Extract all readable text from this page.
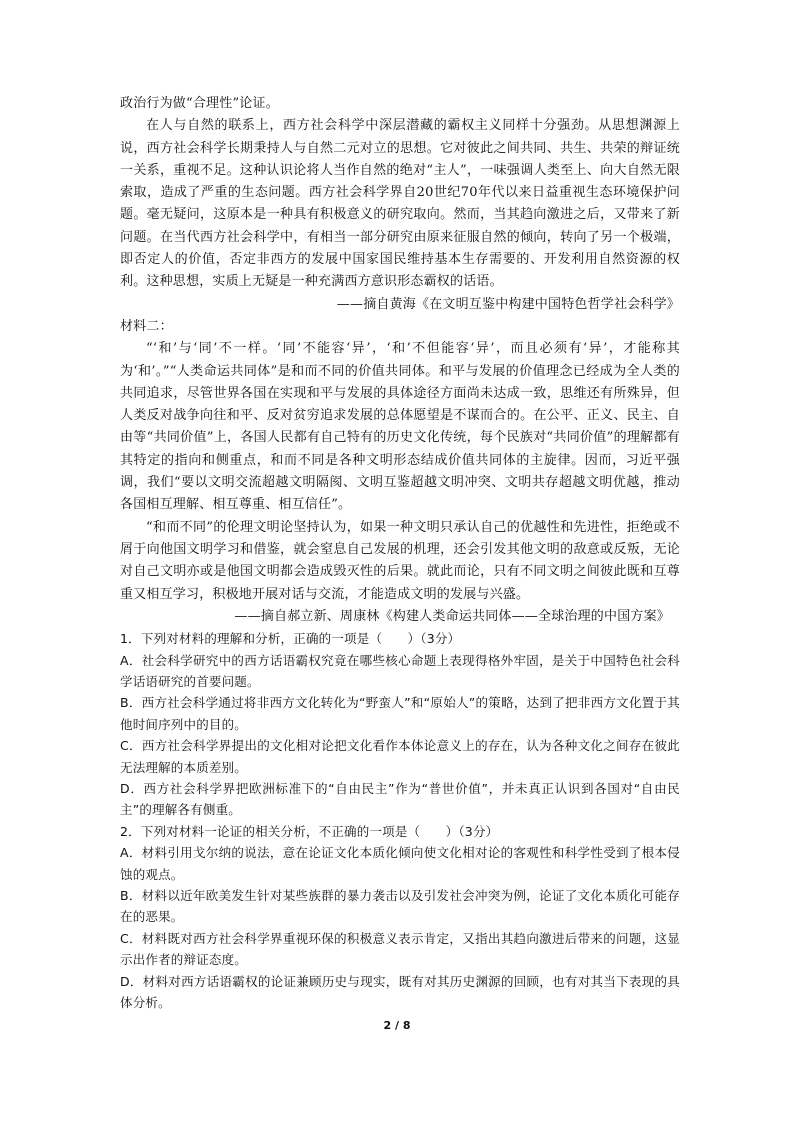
政治行为做“合理性”论证。

在人与自然的联系上，西方社会科学中深层潜藏的霸权主义同样十分强劲。从思想渊源上说，西方社会科学长期秉持人与自然二元对立的思想。它对彼此之间共同、共生、共荣的辩证统一关系，重视不足。这种认识论将人当作自然的绝对“主人”，一味强调人类至上、向大自然无限索取，造成了严重的生态问题。西方社会科学界自20世纪70年代以来日益重视生态环境保护问题。毫无疑问，这原本是一种具有积极意义的研究取向。然而，当其趋向激进之后，又带来了新问题。在当代西方社会科学中，有相当一部分研究由原来征服自然的倾向，转向了另一个极端，即否定人的价值，否定非西方的发展中国家国民维持基本生存需要的、开发利用自然资源的权利。这种思想，实质上无疑是一种充满西方意识形态霸权的话语。

——摘自黄海《在文明互鉴中构建中国特色哲学社会科学》

材料二：

“‘和’与‘同’不一样。‘同’不能容‘异’，‘和’不但能容‘异’，而且必须有‘异’，才能称其为‘和’。”“人类命运共同体”是和而不同的价值共同体。和平与发展的价值理念已经成为全人类的共同追求，尽管世界各国在实现和平与发展的具体途径方面尚未达成一致，思维还有所殊异，但人类反对战争向往和平、反对贫穷追求发展的总体愿望是不谋而合的。在公平、正义、民主、自由等“共同价值”上，各国人民都有自己特有的历史文化传统，每个民族对“共同价值”的理解都有其特定的指向和侧重点，和而不同是各种文明形态结成价值共同体的主旋律。因而，习近平强调，我们“要以文明交流超越文明隔阂、文明互鉴超越文明冲突、文明共存超越文明优越，推动各国相互理解、相互尊重、相互信任”。

“和而不同”的伦理文明论坚持认为，如果一种文明只承认自己的优越性和先进性，拒绝或不屑于向他国文明学习和借鉴，就会窒息自己发展的机理，还会引发其他文明的敌意或反叛，无论对自己文明亦或是他国文明都会造成毁灭性的后果。就此而论，只有不同文明之间彼此既和互尊重又相互学习，积极地开展对话与交流，才能造成文明的发展与兴盛。

——摘自郝立新、周康林《构建人类命运共同体——全球治理的中国方案》

1．下列对材料的理解和分析，正确的一项是（　　）（3分）

A．社会科学研究中的西方话语霸权究竟在哪些核心命题上表现得格外牢固，是关于中国特色社会科学话语研究的首要问题。

B．西方社会科学通过将非西方文化转化为“野蛮人”和“原始人”的策略，达到了把非西方文化置于其他时间序列中的目的。

C．西方社会科学界提出的文化相对论把文化看作本体论意义上的存在，认为各种文化之间存在彼此无法理解的本质差别。

D．西方社会科学界把欧洲标准下的“自由民主”作为“普世价值”，并未真正认识到各国对“自由民主”的理解各有侧重。

2．下列对材料一论证的相关分析，不正确的一项是（　　）（3分）

A．材料引用戈尔纳的说法，意在论证文化本质化倾向使文化相对论的客观性和科学性受到了根本侵蚀的观点。

B．材料以近年欧美发生针对某些族群的暴力袭击以及引发社会冲突为例，论证了文化本质化可能存在的恶果。

C．材料既对西方社会科学界重视环保的积极意义表示肯定，又指出其趋向激进后带来的问题，这显示出作者的辩证态度。

D．材料对西方话语霸权的论证兼顾历史与现实，既有对其历史渊源的回顾，也有对其当下表现的具体分析。

2 / 8
